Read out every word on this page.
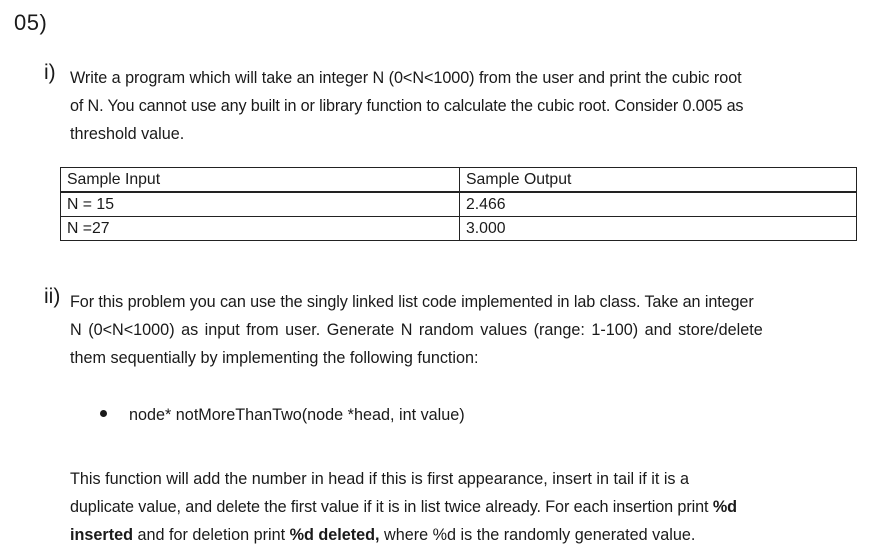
05)
i) Write a program which will take an integer N (0<N<1000) from the user and print the cubic root
of N. You cannot use any built in or library function to calculate the cubic root. Consider 0.005 as
threshold value.

Sample Input	Sample Output
N = 15	2.466
N =27	3.000
ii) For this problem you can use the singly linked list code implemented in lab class. Take an integer
N (0<N<1000) as input from user. Generate N random values (range: 1-100) and store/delete
them sequentially by implementing the following function:

node* notMoreThanTwo(node *head, int value)

This function will add the number in head if this is first appearance, insert in tail if it is a
duplicate value, and delete the first value if it is in list twice already. For each insertion print %d
inserted and for deletion print %d deleted, where %d is the randomly generated value.
